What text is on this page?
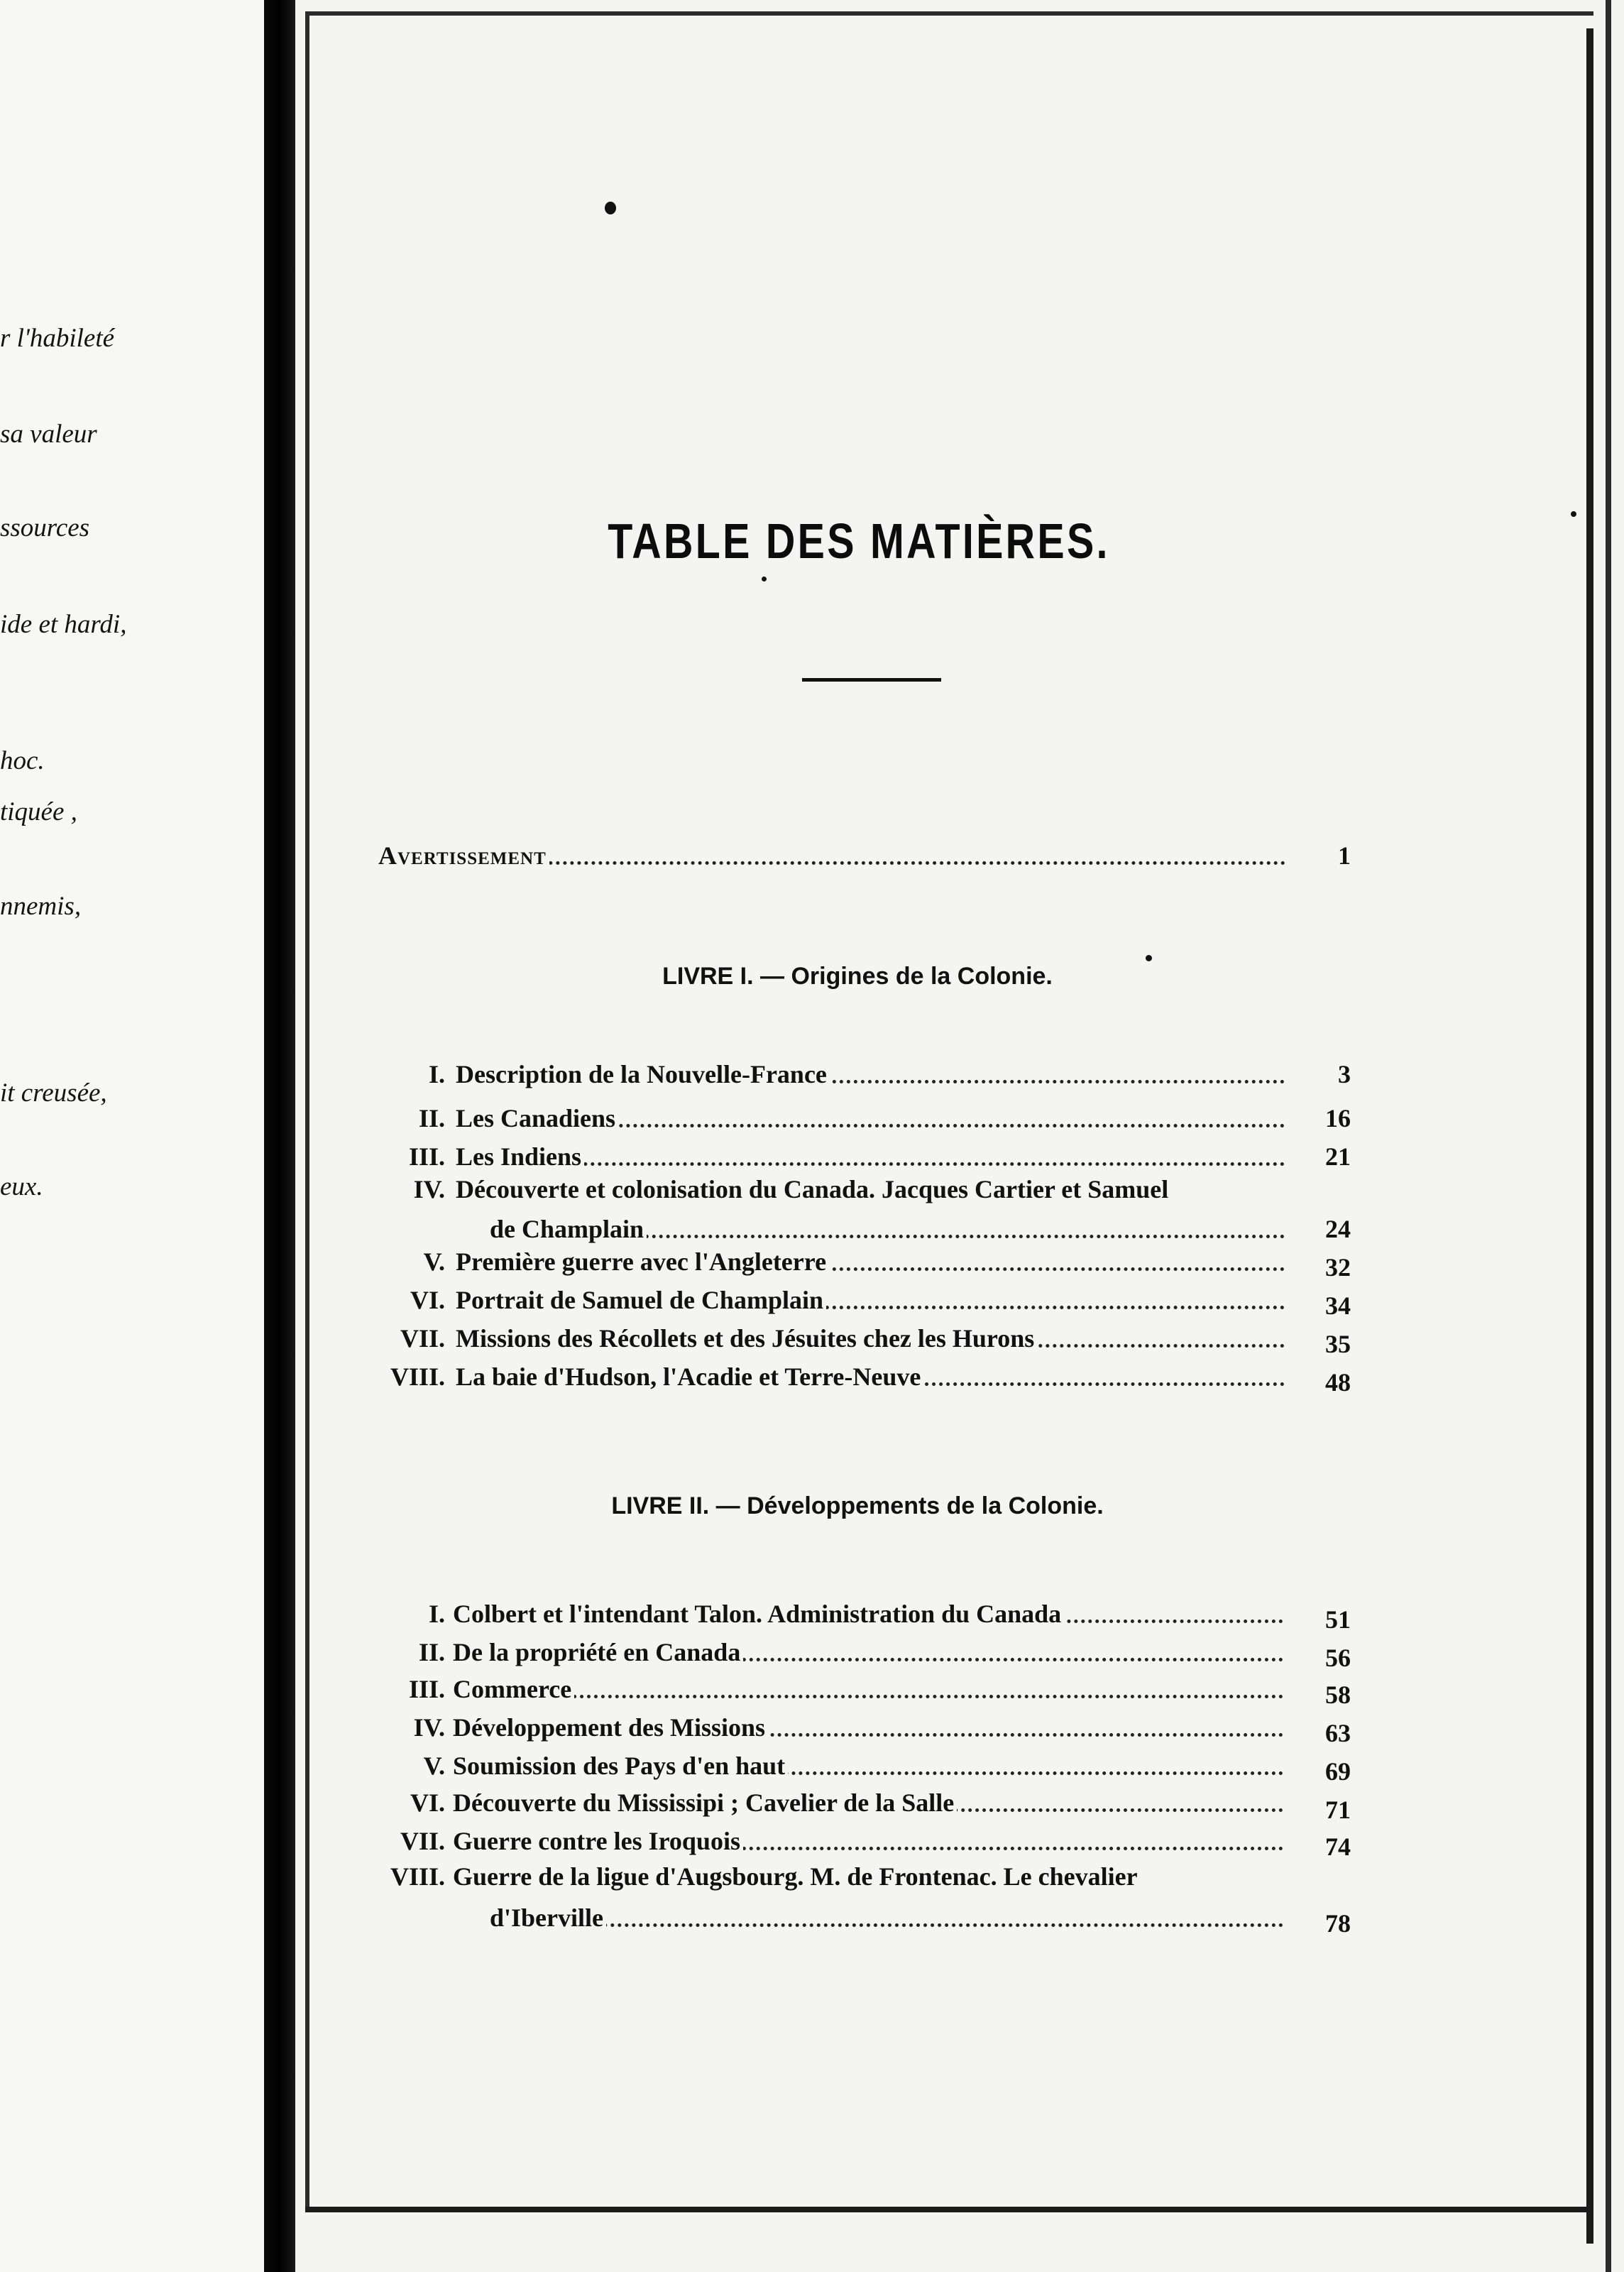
r l'habileté
sa valeur
ssources
ide et hardi,
hoc.
tiquée ,
nnemis,
it creusée,
eux.
TABLE DES MATIÈRES.
Avertissement	1
LIVRE I. — Origines de la Colonie.
I. Description de la Nouvelle-France	3
II. Les Canadiens	16
III. Les Indiens	21
IV. Découverte et colonisation du Canada. Jacques Cartier et Samuel
de Champlain	24
V. Première guerre avec l'Angleterre	32
VI. Portrait de Samuel de Champlain	34
VII. Missions des Récollets et des Jésuites chez les Hurons	35
VIII. La baie d'Hudson, l'Acadie et Terre-Neuve	48
LIVRE II. — Développements de la Colonie.
I. Colbert et l'intendant Talon. Administration du Canada	51
II. De la propriété en Canada	56
III. Commerce	58
IV. Développement des Missions	63
V. Soumission des Pays d'en haut	69
VI. Découverte du Mississipi ; Cavelier de la Salle	71
VII. Guerre contre les Iroquois	74
VIII. Guerre de la ligue d'Augsbourg. M. de Frontenac. Le chevalier
d'Iberville	78
